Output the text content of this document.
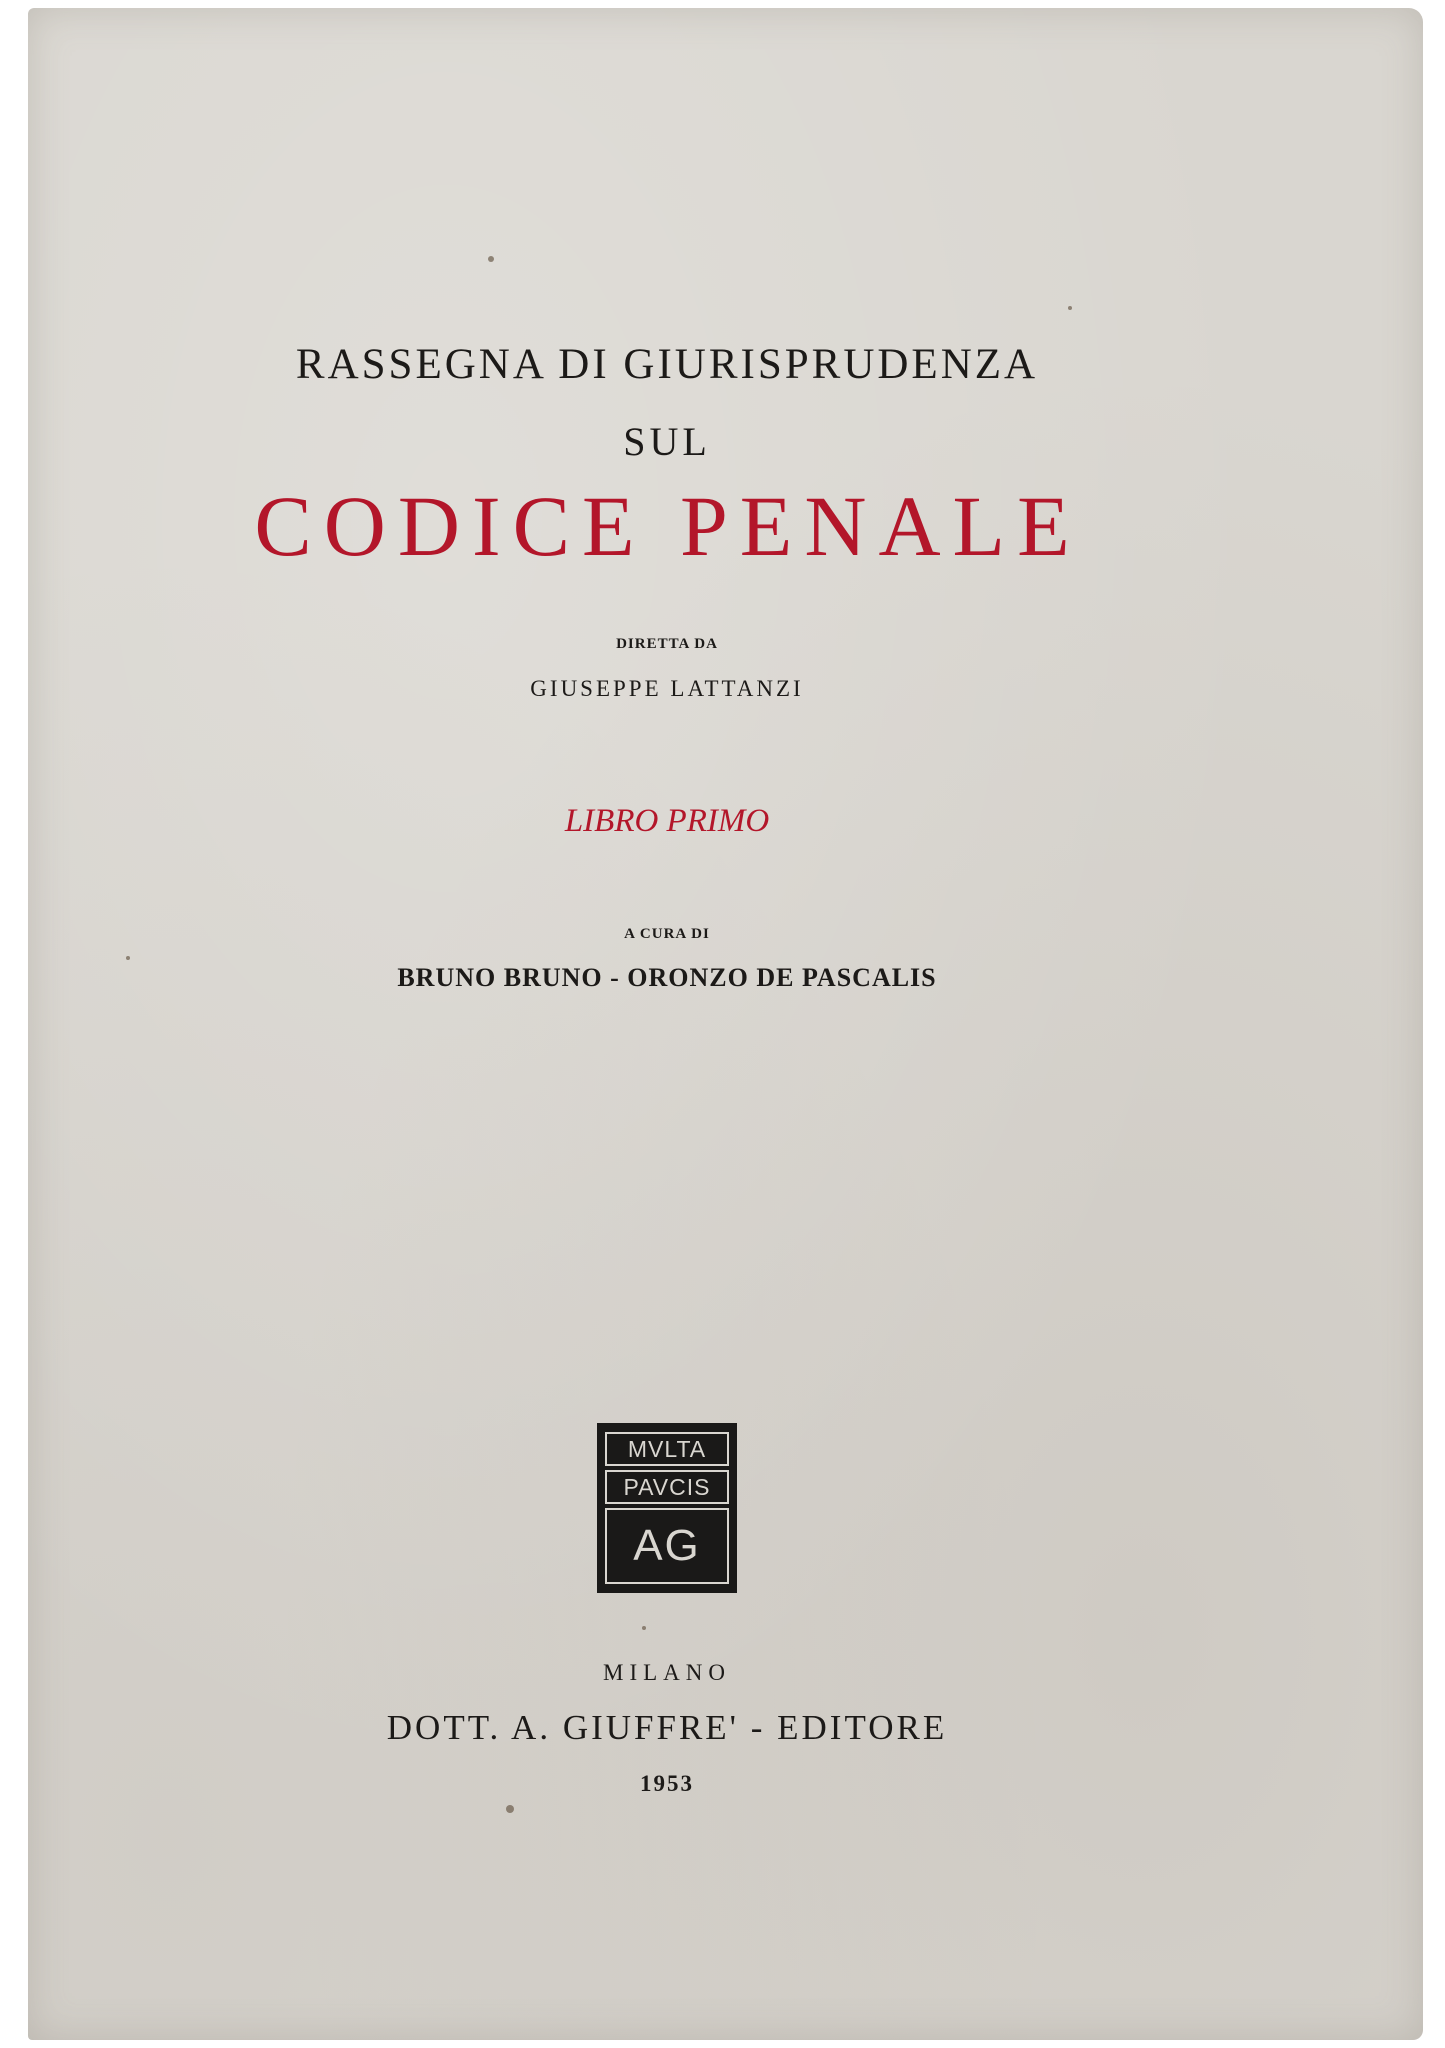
RASSEGNA DI GIURISPRUDENZA
SUL
CODICE PENALE
DIRETTA DA
GIUSEPPE LATTANZI
LIBRO PRIMO
A CURA DI
BRUNO BRUNO - ORONZO DE PASCALIS
MVLTA
PAVCIS
AG
MILANO
DOTT. A. GIUFFRE' - EDITORE
1953
